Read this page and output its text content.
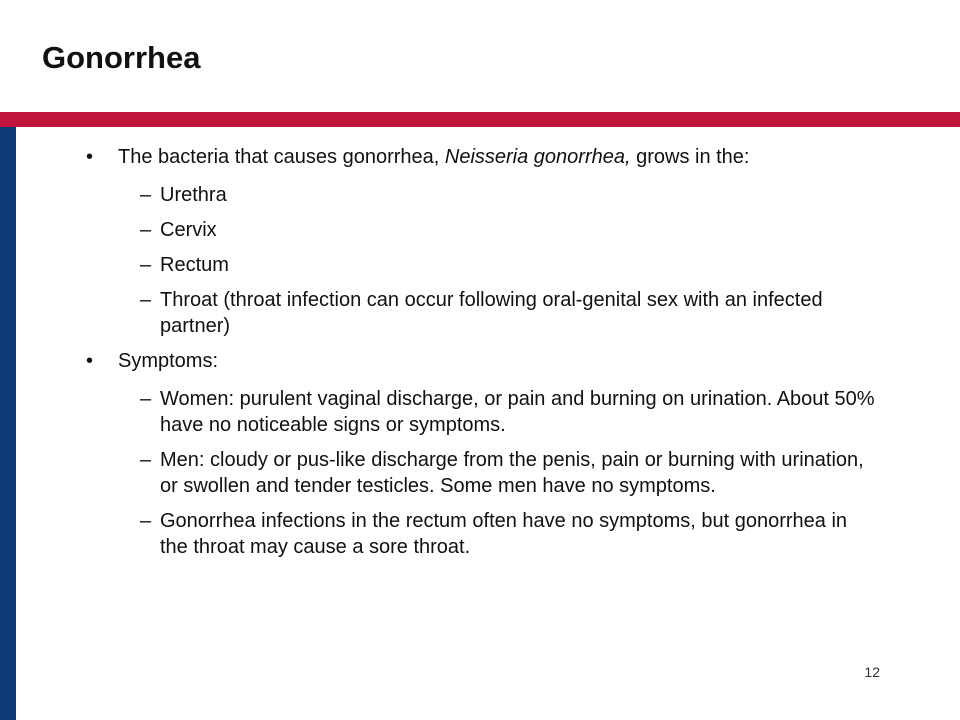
Gonorrhea
• The bacteria that causes gonorrhea, Neisseria gonorrhea, grows in the:
– Urethra
– Cervix
– Rectum
– Throat (throat infection can occur following oral-genital sex with an infected partner)
• Symptoms:
– Women: purulent vaginal discharge, or pain and burning on urination. About 50% have no noticeable signs or symptoms.
– Men: cloudy or pus-like discharge from the penis, pain or burning with urination, or swollen and tender testicles. Some men have no symptoms.
– Gonorrhea infections in the rectum often have no symptoms, but gonorrhea in the throat may cause a sore throat.
12
